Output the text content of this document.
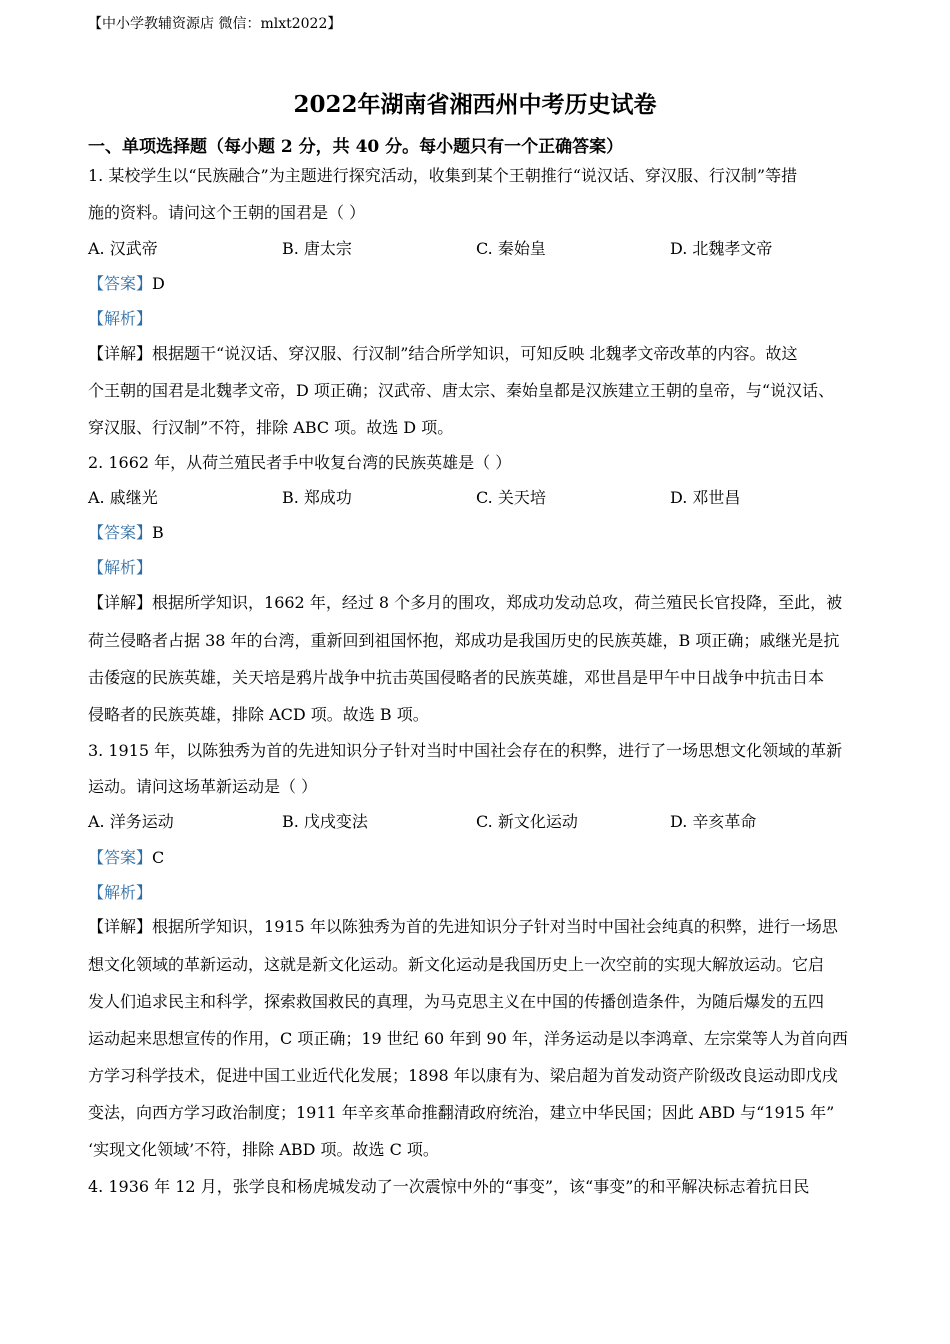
【中小学教辅资源店 微信：mlxt2022】
2022年湖南省湘西州中考历史试卷
一、单项选择题（每小题 2 分，共 40 分。每小题只有一个正确答案）
1. 某校学生以“民族融合”为主题进行探究活动，收集到某个王朝推行“说汉话、穿汉服、行汉制”等措
施的资料。请问这个王朝的国君是（ ）
A. 汉武帝	B. 唐太宗	C. 秦始皇	D. 北魏孝文帝
【答案】D
【解析】
【详解】根据题干“说汉话、穿汉服、行汉制”结合所学知识，可知反映 北魏孝文帝改革的内容。故这
个王朝的国君是北魏孝文帝，D 项正确；汉武帝、唐太宗、秦始皇都是汉族建立王朝的皇帝，与“说汉话、
穿汉服、行汉制”不符，排除 ABC 项。故选 D 项。
2. 1662 年，从荷兰殖民者手中收复台湾的民族英雄是（ ）
A. 戚继光	B. 郑成功	C. 关天培	D. 邓世昌
【答案】B
【解析】
【详解】根据所学知识，1662 年，经过 8 个多月的围攻，郑成功发动总攻，荷兰殖民长官投降，至此，被
荷兰侵略者占据 38 年的台湾，重新回到祖国怀抱，郑成功是我国历史的民族英雄，B 项正确；戚继光是抗
击倭寇的民族英雄，关天培是鸦片战争中抗击英国侵略者的民族英雄，邓世昌是甲午中日战争中抗击日本
侵略者的民族英雄，排除 ACD 项。故选 B 项。
3. 1915 年，以陈独秀为首的先进知识分子针对当时中国社会存在的积弊，进行了一场思想文化领域的革新
运动。请问这场革新运动是（ ）
A. 洋务运动	B. 戊戌变法	C. 新文化运动	D. 辛亥革命
【答案】C
【解析】
【详解】根据所学知识，1915 年以陈独秀为首的先进知识分子针对当时中国社会纯真的积弊，进行一场思
想文化领域的革新运动，这就是新文化运动。新文化运动是我国历史上一次空前的实现大解放运动。它启
发人们追求民主和科学，探索救国救民的真理，为马克思主义在中国的传播创造条件，为随后爆发的五四
运动起来思想宣传的作用，C 项正确；19 世纪 60 年到 90 年，洋务运动是以李鸿章、左宗棠等人为首向西
方学习科学技术，促进中国工业近代化发展；1898 年以康有为、梁启超为首发动资产阶级改良运动即戊戌
变法，向西方学习政治制度；1911 年辛亥革命推翻清政府统治，建立中华民国；因此 ABD 与“1915 年”
‘实现文化领域’不符，排除 ABD 项。故选 C 项。
4. 1936 年 12 月，张学良和杨虎城发动了一次震惊中外的“事变”，该“事变”的和平解决标志着抗日民
